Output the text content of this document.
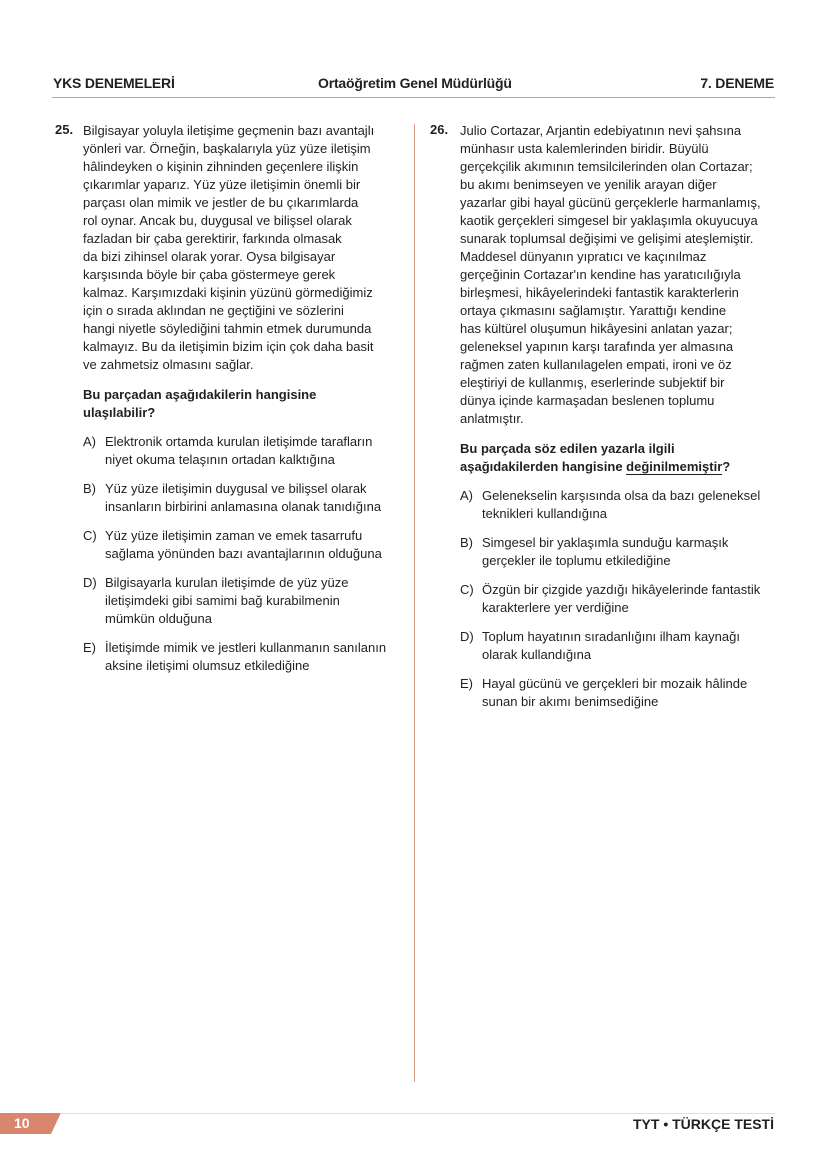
YKS DENEMELERİ	Ortaöğretim Genel Müdürlüğü	7. DENEME
25. Bilgisayar yoluyla iletişime geçmenin bazı avantajlı
yönleri var. Örneğin, başkalarıyla yüz yüze iletişim
hâlindeyken o kişinin zihninden geçenlere ilişkin
çıkarımlar yaparız. Yüz yüze iletişimin önemli bir
parçası olan mimik ve jestler de bu çıkarımlarda
rol oynar. Ancak bu, duygusal ve bilişsel olarak
fazladan bir çaba gerektirir, farkında olmasak
da bizi zihinsel olarak yorar. Oysa bilgisayar
karşısında böyle bir çaba göstermeye gerek
kalmaz. Karşımızdaki kişinin yüzünü görmediğimiz
için o sırada aklından ne geçtiğini ve sözlerini
hangi niyetle söylediğini tahmin etmek durumunda
kalmayız. Bu da iletişimin bizim için çok daha basit
ve zahmetsiz olmasını sağlar.
Bu parçadan aşağıdakilerin hangisine
ulaşılabilir?
A) Elektronik ortamda kurulan iletişimde tarafların
niyet okuma telaşının ortadan kalktığına
B) Yüz yüze iletişimin duygusal ve bilişsel olarak
insanların birbirini anlamasına olanak tanıdığına
C) Yüz yüze iletişimin zaman ve emek tasarrufu
sağlama yönünden bazı avantajlarının olduğuna
D) Bilgisayarla kurulan iletişimde de yüz yüze
iletişimdeki gibi samimi bağ kurabilmenin
mümkün olduğuna
E) İletişimde mimik ve jestleri kullanmanın sanılanın
aksine iletişimi olumsuz etkilediğine
26. Julio Cortazar, Arjantin edebiyatının nevi şahsına
münhasır usta kalemlerinden biridir. Büyülü
gerçekçilik akımının temsilcilerinden olan Cortazar;
bu akımı benimseyen ve yenilik arayan diğer
yazarlar gibi hayal gücünü gerçeklerle harmanlamış,
kaotik gerçekleri simgesel bir yaklaşımla okuyucuya
sunarak toplumsal değişimi ve gelişimi ateşlemiştir.
Maddesel dünyanın yıpratıcı ve kaçınılmaz
gerçeğinin Cortazar'ın kendine has yaratıcılığıyla
birleşmesi, hikâyelerindeki fantastik karakterlerin
ortaya çıkmasını sağlamıştır. Yarattığı kendine
has kültürel oluşumun hikâyesini anlatan yazar;
geleneksel yapının karşı tarafında yer almasına
rağmen zaten kullanılagelen empati, ironi ve öz
eleştiriyi de kullanmış, eserlerinde subjektif bir
dünya içinde karmaşadan beslenen toplumu
anlatmıştır.
Bu parçada söz edilen yazarla ilgili
aşağıdakilerden hangisine değinilmemiştir?
A) Gelenekselin karşısında olsa da bazı geleneksel
teknikleri kullandığına
B) Simgesel bir yaklaşımla sunduğu karmaşık
gerçekler ile toplumu etkilediğine
C) Özgün bir çizgide yazdığı hikâyelerinde fantastik
karakterlere yer verdiğine
D) Toplum hayatının sıradanlığını ilham kaynağı
olarak kullandığına
E) Hayal gücünü ve gerçekleri bir mozaik hâlinde
sunan bir akımı benimsediğine
10	TYT • TÜRKÇE TESTİ
